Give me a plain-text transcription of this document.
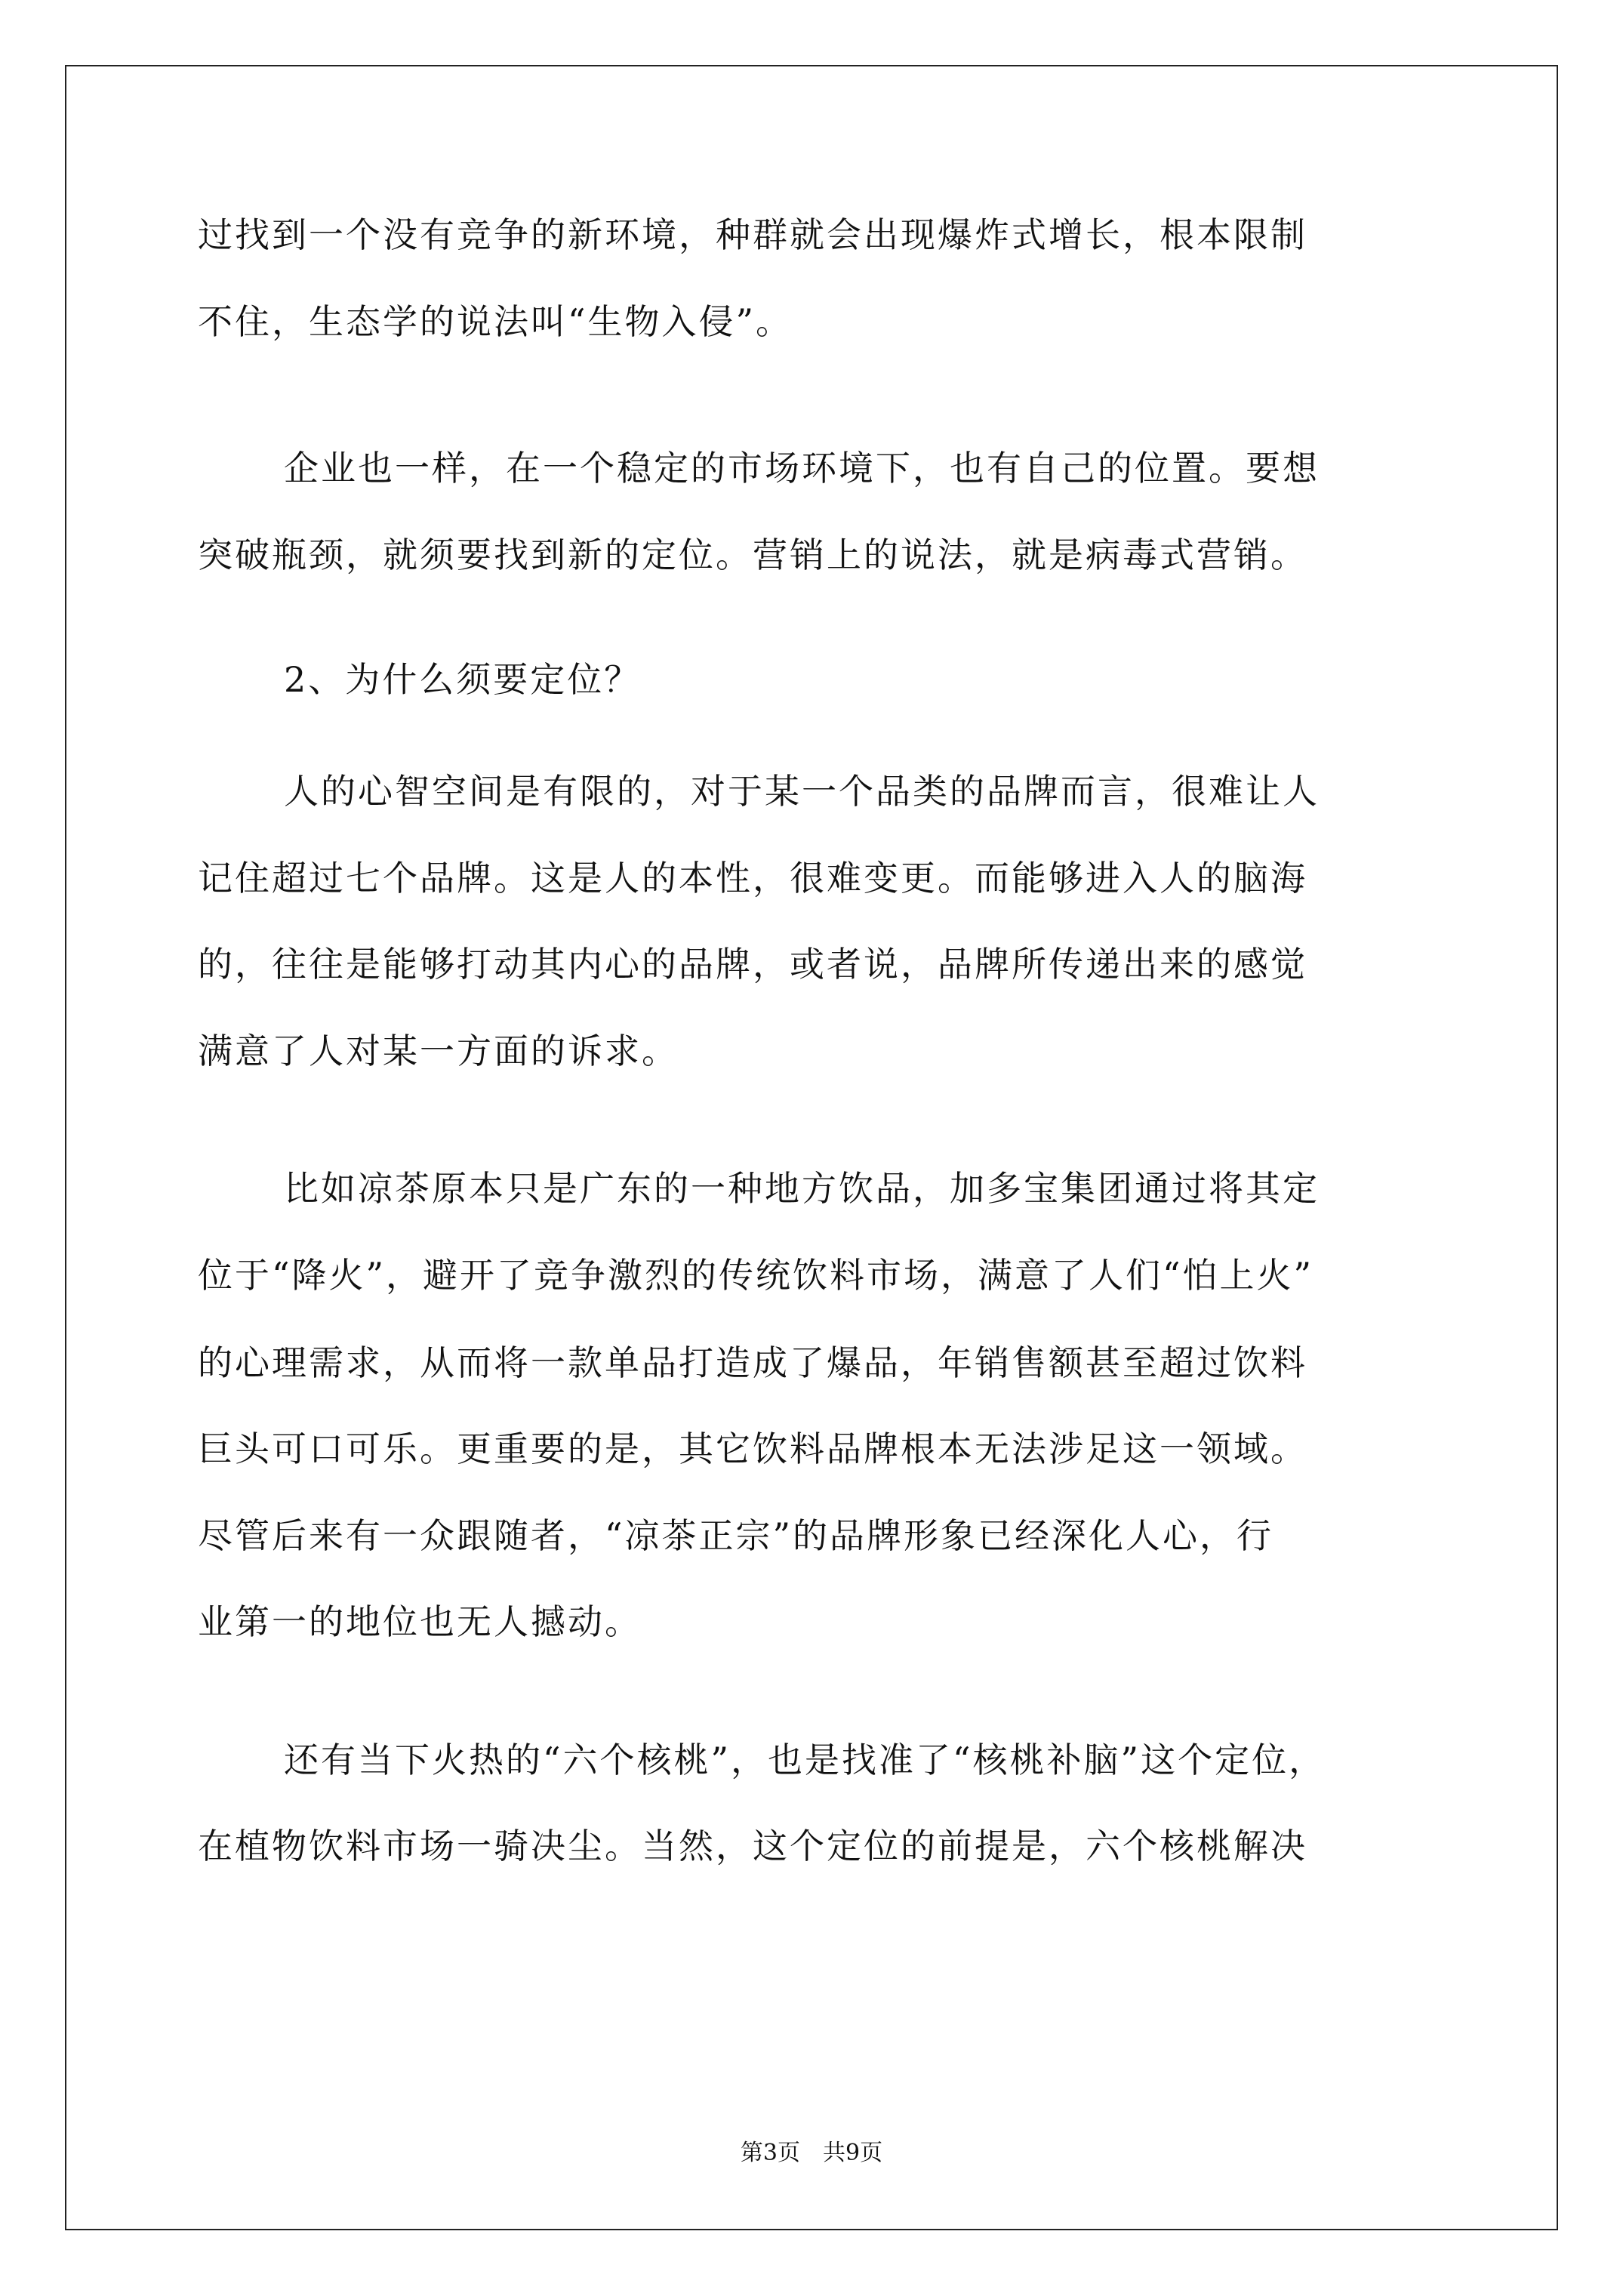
过找到一个没有竞争的新环境，种群就会出现爆炸式增长，根本限制
不住，生态学的说法叫“生物入侵”。
企业也一样，在一个稳定的市场环境下，也有自己的位置。要想
突破瓶颈，就须要找到新的定位。营销上的说法，就是病毒式营销。
2、为什么须要定位？
人的心智空间是有限的，对于某一个品类的品牌而言，很难让人
记住超过七个品牌。这是人的本性，很难变更。而能够进入人的脑海
的，往往是能够打动其内心的品牌，或者说，品牌所传递出来的感觉
满意了人对某一方面的诉求。
比如凉茶原本只是广东的一种地方饮品，加多宝集团通过将其定
位于“降火”，避开了竞争激烈的传统饮料市场，满意了人们“怕上火”
的心理需求，从而将一款单品打造成了爆品，年销售额甚至超过饮料
巨头可口可乐。更重要的是，其它饮料品牌根本无法涉足这一领域。
尽管后来有一众跟随者，“凉茶正宗”的品牌形象已经深化人心，行
业第一的地位也无人撼动。
还有当下火热的“六个核桃”，也是找准了“核桃补脑”这个定位，
在植物饮料市场一骑决尘。当然，这个定位的前提是，六个核桃解决
第3页　共9页
